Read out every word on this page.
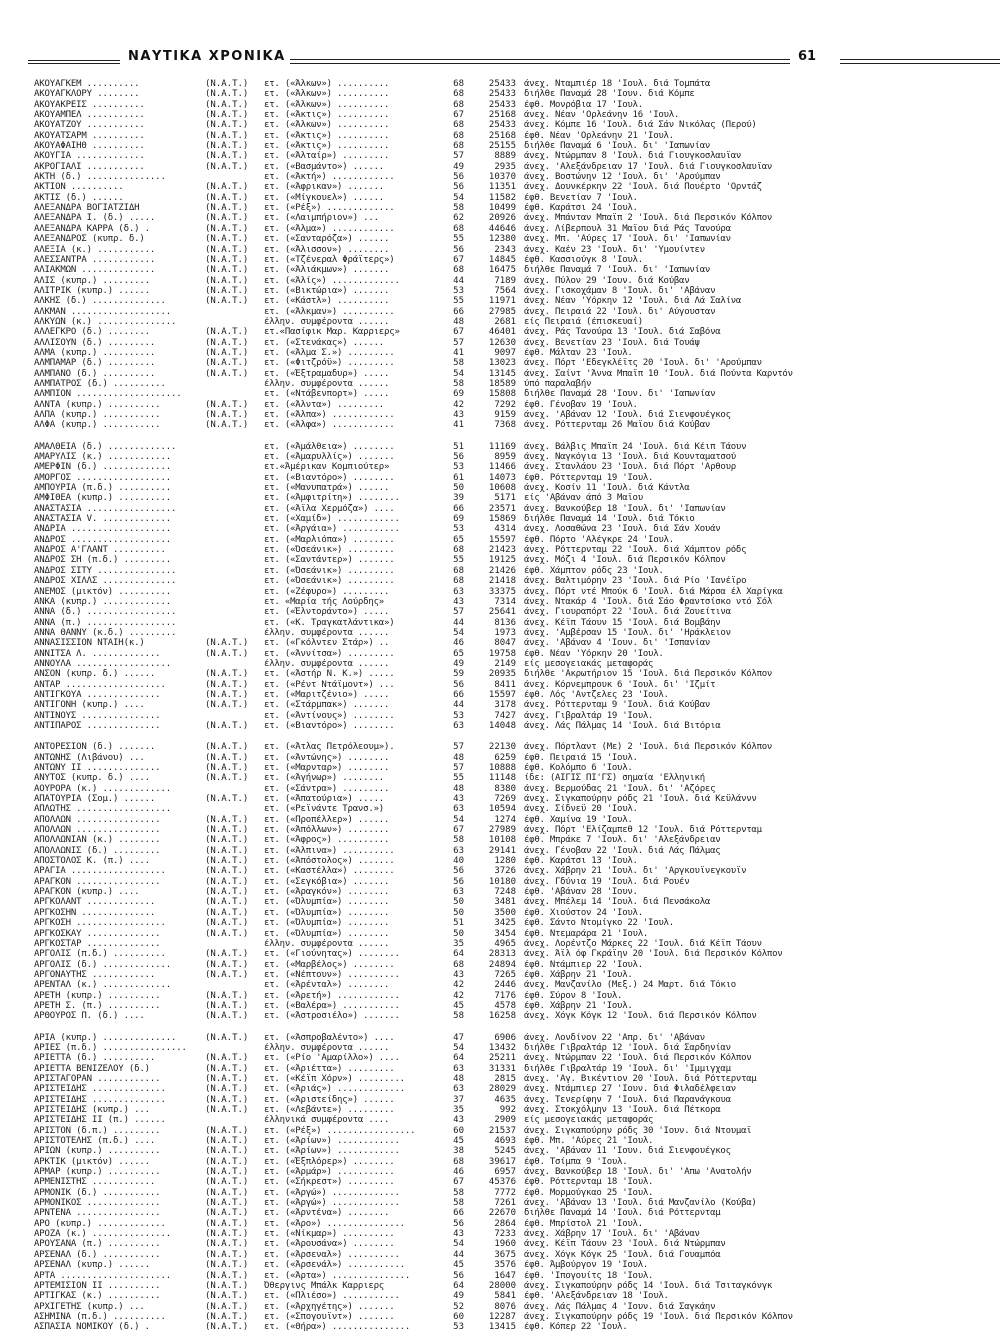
ΝΑΥΤΙΚΑ ΧΡΟΝΙΚΑ	61
ΑΚΟΥΑΓΚΕΜ ..........	(N.A.T.)	ετ. («Άλκων») ..........	68	25433 άνεχ. Νταμπιέρ 18 'Ιουλ. διά Τομπάτα
ΑΚΟΥΑΓΚΛΟΡΥ ........	(N.A.T.)	ετ. («Άλκων») ..........	68	25433 διήλθε Παναμά 28 'Ιουν. διά Κόμπε
ΑΚΟΥΑΚΡΕΪΣ ..........	(N.A.T.)	ετ. («Άλκων») ..........	68	25433 έφθ. Μονρόβια 17 'Ιουλ.
ΑΚΟΥΑΜΠΕΛ ...........	(N.A.T.)	ετ. («Άκτις») ..........	67	25168 άνεχ. Νέαν 'Ορλεάνην 16 'Ιουλ.
ΑΚΟΥΑΤΖΟΥ ...........	(N.A.T.)	ετ. («Άλκων») ..........	68	25433 άνεχ. Κόμπε 16 'Ιουλ. διά Σάν Νικόλας (Περού)
ΑΚΟΥΑΤΣΑΡΜ ..........	(N.A.T.)	ετ. («Άκτις») ..........	68	25168 έφθ. Νέαν 'Ορλεάνην 21 'Ιουλ.
ΑΚΟΥΑΦΑΙΗΘ ..........	(N.A.T.)	ετ. («Άκτις») ..........	68	25155 διήλθε Παναμά 6 'Ιουλ. δι' 'Ιαπωνίαν
ΑΚΟΥΓΙΑ .............	(N.A.T.)	ετ. («Άλταίρ») .........	57	8889 άνεχ. Ντώρμπαν 8 'Ιουλ. διά Γιουγκοσλαυΐαν
ΑΚΡΟΓΙΑΛΙ ...........	(N.A.T.)	ετ. («Βασμάντο») ......	49	2935 άνεχ. 'Αλεξάνδρειαν 17 'Ιουλ. διά Γιουγκοσλαυΐαν
ΑΚΤΗ (δ.) ...............	ετ. («Άκτή») ............	56	10370 άνεχ. Βοστώνην 12 'Ιουλ. δι' 'Αρούμπαν
ΑΚΤΙΟΝ ..........	(N.A.T.)	ετ. («Άφρικαν») .......	56	11351 άνεχ. Δουνκέρκην 22 'Ιουλ. διά Πουέρτο 'Ορντάζ
ΑΚΤΙΣ (δ.) ......	(N.A.T.)	ετ. («Μίγκουελ») ......	54	11582 έφθ. Βενετίαν 7 'Ιουλ.
ΑΛΕΞΑΝΔΡΑ ΒΟΓΙΑΤΖΙΔΗ	(N.A.T.)	ετ. («Ρέξ») .............	58	10499 έφθ. Καράτσι 24 'Ιουλ.
ΑΛΕΞΑΝΔΡΑ Ι. (δ.) .....	(N.A.T.)	ετ. («Λαιμπήριον») ...	62	20926 άνεχ. Μπάνταν Μπαϊπ 2 'Ιουλ. διά Περσικόν Κόλπον
ΑΛΕΞΑΝΔΡΑ ΚΑΡΡΑ (δ.) .	(N.A.T.)	ετ. («Άλμα») ............	68	44646 άνεχ. Λίβερπουλ 31 Μαΐου διά Ράς Τανούρα
ΑΛΕΞΑΝΔΡΟΣ (κυπρ. δ.)	(N.A.T.)	ετ. («Σανταρόζα») ......	55	12380 άνεχ. Μπ. 'Αύρες 17 'Ιουλ. δι' 'Ιαπωνίαν
ΑΛΕΞΙΑ (κ.) ...........	(N.A.T.)	ετ. («Άλισσον») ........	56	2343 άνεχ. Καέν 23 'Ιουλ. δι' 'Υμουίντεν
ΑΛΕΣΣΑΝΤΡΑ ............	(N.A.T.)	ετ. («Τζένεραλ Φράϊτερς»)	67	14845 έφθ. Κασσιούγκ 8 'Ιουλ.
ΑΛΙΑΚΜΩΝ ..............	(N.A.T.)	ετ. («Άλιάκμων») .......	68	16475 διήλθε Παναμά 7 'Ιουλ. δι' 'Ιαπωνίαν
ΑΛΙΣ (κυπρ.) .........	(N.A.T.)	ετ. («Άλίς») .............	44	7189 άνεχ. Πύλον 29 'Ιουν. διά Κούβαν
ΑΛΙΤΡΙΚ (κυπρ.) ......	(N.A.T.)	ετ. («Βικτώρια») .......	53	7564 άνεχ. Γισκοχάμαν 8 'Ιουλ. δι' 'Αβάναν
ΑΛΚΗΣ (δ.) ..............	(N.A.T.)	ετ. («Κάστλ») ..........	55	11971 άνεχ. Νέαν 'Υόρκην 12 'Ιουλ. διά Λά Σαλίνα
ΑΛΚΜΑΝ ...................	ετ. («Άλκμαν») ..........	66	27985 άνεχ. Πειραιά 22 'Ιουλ. δι' Αύγουσταν
ΑΛΚΥΩΝ (κ.) ...............	έλλην. συμφέροντα ......	48	2681 είς Πειραιά (έπισκευαί)
ΑΛΛΕΓΚΡΟ (δ.) ........	(N.A.T.)	ετ.«Πασίφικ Μαρ. Καρριερς»	67	46401 άνεχ. Ράς Τανούρα 13 'Ιουλ. διά Σαβόνα
ΑΛΛΙΣΟΥΝ (δ.) .........	(N.A.T.)	ετ. («Στενάκας») ......	57	12630 άνεχ. Βενετίαν 23 'Ιουλ. διά Τουάψ
ΑΛΜΑ (κυπρ.) ..........	(N.A.T.)	ετ. («Άλμα Σ.») .........	41	9097 έφθ. Μάλταν 23 'Ιουλ.
ΑΛΜΠΑΜΑΡ (δ.) .........	(N.A.T.)	ετ. («Φιτζρόϋ») .........	58	13023 άνεχ. Πόρτ 'Εδεγκλέϊτς 20 'Ιουλ. δι' 'Αρούμπαν
ΑΛΜΠΑΝΟ (δ.) ..........	(N.A.T.)	ετ. («Έξτραμαδυρ») .....	54	13145 άνεχ. Σαίντ 'Άννα Μπαϊπ 10 'Ιουλ. διά Πούντα Καρντόν
ΑΛΜΠΑΤΡΟΣ (δ.) ..........	έλλην. συμφέροντα ......	58	18589 ύπό παραλαβήν
ΑΛΜΠΙΟΝ ....................	ετ. («Ντάβενπορτ») .....	69	15808 διήλθε Παναμά 28 'Ιουν. δι' 'Ιαπωνίαν
ΑΛΝΤΑ (κυπρ.) ..........	(N.A.T.)	ετ. («Άλντα») .........	42	7292 έφθ. Γένοβαν 19 'Ιουλ.
ΑΛΠΑ (κυπρ.) ...........	(N.A.T.)	ετ. («Άλπα») ............	43	9159 άνεχ. 'Αβάναν 12 'Ιουλ. διά Σιενφουέγκος
ΑΛΦΑ (κυπρ.) ...........	(N.A.T.)	ετ. («Άλφα») ............	41	7368 άνεχ. Ρόττερνταμ 26 Μαΐου διά Κούβαν
ΑΜΑΛΘΕΙΑ (δ.) .............	ετ. («Άμάλθεια») ........	51	11169 άνεχ. Βάλβις Μπαϊπ 24 'Ιουλ. διά Κέιπ Τάουν
ΑΜΑΡΥΛΙΣ (κ.) ............	ετ. («Άμαρυλλίς») .......	56	8959 άνεχ. Ναγκόγια 13 'Ιουλ. διά Κουνταματσού
ΑΜΕΡΦΙΝ (δ.) .............	ετ.«Άμέρικαν Κομπιούτερ»	53	11466 άνεχ. Στανλάου 23 'Ιουλ. διά Πόρτ 'Αρθουρ
ΑΜΟΡΓΟΣ ..................	ετ. («Βιαντόρο») ........	61	14073 έφθ. Ρόττερνταμ 19 'Ιουλ.
ΑΜΠΟΥΡΙΑ (π.δ.) ..........	ετ. («Μανυπατρά») ......	50	10608 άνεχ. Κοσίν 11 'Ιουλ. διά Κάντλα
ΑΜΦΙΘΕΑ (κυπρ.) ..........	ετ. («Άμφιτρίτη») ........	39	5171 είς 'Αβάναν άπό 3 Μαΐου
ΑΝΑΣΤΑΣΙΑ .................	ετ. («Άϊλα Χερμόζα») ....	66	23571 άνεχ. Βανκούβερ 18 'Ιουλ. δι' 'Ιαπωνίαν
ΑΝΑΣΤΑΣΙΑ V. .............	ετ. («Χαμίδ») ............	69	15869 διήλθε Παναμά 14 'Ιουλ. διά Τόκιο
ΑΝΔΡΙΑ ...................	ετ. («Άργάια») ...........	53	4314 άνεχ. Λοσαθώνα 23 'Ιουλ. διά Σάν Χουάν
ΑΝΔΡΟΣ ...................	ετ. («Μαρλιόπα») ........	65	15597 έφθ. Πόρτο 'Αλέγκρε 24 'Ιουλ.
ΑΝΔΡΟΣ Α'ΓΛΑΝΤ ..........	ετ. («Όσεάνικ») .........	68	21423 άνεχ. Ρόττερνταμ 22 'Ιουλ. διά Χάμπτον ρόδς
ΑΝΔΡΟΣ ΣΗ (π.δ.) .........	ετ. («Σαντάντερ») .......	55	19125 άνεχ. Μόζι 4 'Ιουλ. διά Περσικόν Κόλπον
ΑΝΔΡΟΣ ΣΙΤΥ ...............	ετ. («Όσεάνικ») .........	68	21426 έφθ. Χάμπτον ρόδς 23 'Ιουλ.
ΑΝΔΡΟΣ ΧΙΛΛΣ ..............	ετ. («Όσεάνικ») .........	68	21418 άνεχ. Βαλτιμόρην 23 'Ιουλ. διά Ρίο 'Ιανέϊρο
ΑΝΕΜΟΣ (μικτόν) ..........	ετ. («Ζέφυρο») .........	63	33375 άνεχ. Πόρτ ντέ Μπούκ 6 'Ιουλ. διά Μάρσα έλ Χαρίγκα
ΑΝΚΑ (κυπρ.) .............	ετ. «Μαρία τής Λούρδης»	43	7314 άνεχ. Ντακάρ 4 'Ιουλ. διά Σάο Φραντσίσκο ντό Σόλ
ΑΝΝΑ (δ.) .................	ετ. («Έλντοράντο») .....	57	25641 άνεχ. Γιουραπόρτ 22 'Ιουλ. διά Ζουείτινα
ΑΝΝΑ (π.) .................	ετ. («Κ. Τραγκατλάντικα»)	44	8136 άνεχ. Κέϊπ Τάουν 15 'Ιουλ. διά Βομβάην
ΑΝΝΑ ΘΑΝΝΥ (κ.δ.) .........	έλλην. συμφέροντα ......	54	1973 άνεχ. 'Αμβέρσαν 15 'Ιουλ. δι' 'Ηράκλειον
ΑΝΝΑΣΙΣΣΙΟΝ ΝΤΑΙΗ(κ.)	(N.A.T.)	ετ. («Γκόλντεν Στάρ») ..	46	8047 άνεχ. 'Αβάναν 4 'Ιουν. δι' 'Ισπανίαν
ΑΝΝΙΤΣΑ Λ. .............	(N.A.T.)	ετ. («Άννίτσα») .........	65	19758 έφθ. Νέαν 'Υόρκην 20 'Ιουλ.
ΑΝΝΟΥΛΑ ..................	έλλην. συμφέροντα ......	49	2149 είς μεσογειακάς μεταφοράς
ΑΝΣΟΝ (κυπρ. δ.) ......	(N.A.T.)	ετ. («Άστήρ Ν. Κ.») .....	59	20935 διήλθε 'Ακρωτήριον 15 'Ιουλ. διά Περσικόν Κόλπον
ΑΝΤΑΡ ...................	(N.A.T.)	ετ. («Ρέντ Ντάϊμοντ») ...	56	8411 άνεχ. Κόρνεμπρουκ 6 'Ιουλ. δι' 'Ιζμίτ
ΑΝΤΙΓΚΟΥΑ ..............	(N.A.T.)	ετ. («Μαριτζένιο») .....	66	15597 έφθ. Λός 'Αντζελες 23 'Ιουλ.
ΑΝΤΙΓΟΝΗ (κυπρ.) ....	(N.A.T.)	ετ. («Στάρμπακ») .......	44	3178 άνεχ. Ρόττερνταμ 9 'Ιουλ. διά Κούβαν
ΑΝΤΙΝΟΥΣ ...............	ετ. («Άντίνους») ........	53	7427 άνεχ. Γιβραλτάρ 19 'Ιουλ.
ΑΝΤΙΠΑΡΟΣ ..............	(N.A.T.)	ετ. («Βιαντόρο») ........	63	14048 άνεχ. Λάς Πάλμας 14 'Ιουλ. διά Βιτόρια
ΑΝΤΟΡΕΣΙΟΝ (δ.) .......	(N.A.T.)	ετ. («Άτλας Πετρόλεουμ»).	57	22130 άνεχ. Πόρτλαντ (Με) 2 'Ιουλ. διά Περσικόν Κόλπον
ΑΝΤΩΝΗΣ (Λιβάνου) ...	(N.A.T.)	ετ. («Άντώνης») ........	48	6259 έφθ. Πειραιά 15 'Ιουλ.
ΑΝΤΩΝΥ ΙΙ ..............	(N.A.T.)	ετ. («Μαρνταρ») ........	57	10888 έφθ. Κολόμπο 6 'Ιουλ.
ΑΝΥΤΟΣ (κυπρ. δ.) ....	(N.A.T.)	ετ. («Άγήνωρ») ........	55	11148 ίδε: (ΑΙΓΙΣ ΠΙ'ΓΣ) σημαία 'Ελληνική
ΑΟΥΡΟΡΑ (κ.) .............	ετ. («Σάντρα») .........	48	8380 άνεχ. Βερμούδας 21 'Ιουλ. δι' 'Αζόρες
ΑΠΑΤΟΥΡΙΑ (Σομ.) ......	(N.A.T.)	ετ. («Άπατούρια») .....	43	7269 άνεχ. Σιγκαπούρην ρόδς 21 'Ιουλ. διά Κεϋλάννν
ΑΠΛΩΤΗΣ ..................	ετ. («Ρεϊνάντε Τρανσ.»)	63	10594 άνεχ. Σίδνεϋ 20 'Ιουλ.
ΑΠΟΛΛΩΝ ................	(N.A.T.)	ετ. («Προπέλλερ») ......	54	1274 έφθ. Χαμίνα 19 'Ιουλ.
ΑΠΟΛΛΩΝ ................	(N.A.T.)	ετ. («Άπόλλων») ........	67	27989 άνεχ. Πόρτ 'Ελίζαμπεθ 12 'Ιουλ. διά Ρόττερνταμ
ΑΠΟΛΛΩΝΙΑΝ (κ.) ........	(N.A.T.)	ετ. («Άφρος») ..........	58	10108 έφθ. Μπράκε 7 'Ιουλ. δι' 'Αλεξάνδρειαν
ΑΠΟΛΛΩΝΙΣ (δ.) .........	(N.A.T.)	ετ. («Άλπινα») ..........	63	29141 άνεχ. Γένοβαν 22 'Ιουλ. διά Λάς Πάλμας
ΑΠΟΣΤΟΛΟΣ Κ. (π.) ....	(N.A.T.)	ετ. («Άπόστολος») .......	40	1280 έφθ. Καράτσι 13 'Ιουλ.
ΑΡΑΓΙΑ ..................	(N.A.T.)	ετ. («Καστέλλα») ........	56	3726 άνεχ. Χάβρην 21 'Ιουλ. δι' 'Αργκουϊνεγκουΐν
ΑΡΑΓΚΟΝ ................	(N.A.T.)	ετ. («Σεγκόβια») .......	56	10180 άνεχ. Γδύνια 19 'Ιουλ. διά Ρουέν
ΑΡΑΓΚΟΝ (κυπρ.) ....	(N.A.T.)	ετ. («Άραγκόν») ........	63	7248 έφθ. 'Αβάναν 28 'Ιουν.
ΑΡΓΚΟΛΑΝΤ .............	(N.A.T.)	ετ. («Όλυμπία») ........	50	3481 άνεχ. Μπέλεμ 14 'Ιουλ. διά Πενσάκολα
ΑΡΓΚΟΣΗΝ ..............	(N.A.T.)	ετ. («Όλυμπία») ........	50	3500 έφθ. Χιούστον 24 'Ιουλ.
ΑΡΓΚΟΣΗ .................	(N.A.T.)	ετ. («Όλυμπία») ........	51	3425 έφθ. Σάντο Ντομίγκο 22 'Ιουλ.
ΑΡΓΚΟΣΚΑΫ ..............	(N.A.T.)	ετ. («Όλυμπία») ........	50	3454 έφθ. Ντεμαράρα 21 'Ιουλ.
ΑΡΓΚΟΣΤΑΡ ..............	έλλην. συμφέροντα ......	35	4965 άνεχ. Λορέντζο Μάρκες 22 'Ιουλ. διά Κέϊπ Τάουν
ΑΡΓΟΛΙΣ (π.δ.) ..........	(N.A.T.)	ετ. («Γιούνητας») ........	64	28313 άνεχ. Άϊλ όφ Γκράϊην 20 'Ιουλ. διά Περσικόν Κόλπον
ΑΡΓΟΛΙΣ (δ.) .............	(N.A.T.)	ετ. («Μαρβέλος») ........	68	24894 έφθ. Ντάμπιερ 22 'Ιουλ.
ΑΡΓΟΝΑΥΤΗΣ ............	(N.A.T.)	ετ. («Νέπτουν») ..........	43	7265 έφθ. Χάβρην 21 'Ιουλ.
ΑΡΕΝΤΑΛ (κ.) .............	ετ. («Άρένταλ») ........	42	2446 άνεχ. Μανζανίλο (Μεξ.) 24 Μαρτ. διά Τόκιο
ΑΡΕΤΗ (κυπρ.) ..........	(N.A.T.)	ετ. («Άρετή») ............	42	7176 έφθ. Σύρον 8 'Ιουλ.
ΑΡΕΤΗ Σ. (π.) ..........	(N.A.T.)	ετ. («Βαλέρα») ...........	45	4578 έφθ. Χάβρην 21 'Ιουλ.
ΑΡΘΟΥΡΟΣ Π. (δ.) ....	(N.A.T.)	ετ. («Άστροσιέλο») .......	58	16258 άνεχ. Χόγκ Κόγκ 12 'Ιουλ. διά Περσικόν Κόλπον
ΑΡΙΑ (κυπρ.) ..............	(N.A.T.)	ετ. («Άσπροβαλέντο») ....	47	6906 άνεχ. Λονδίνον 22 'Απρ. δι' 'Αβάναν
ΑΡΙΕΣ (π.δ.) ................	έλλην. συμφέροντα ......	54	13432 διήλθε Γιβραλτάρ 12 'Ιουλ. διά Σαρδηνίαν
ΑΡΙΕΤΤΑ (δ.) ..........	(N.A.T.)	ετ. («Ρίο 'Αμαρίλλο») ....	64	25211 άνεχ. Ντώρμπαν 22 'Ιουλ. διά Περσικόν Κόλπον
ΑΡΙΕΤΤΑ ΒΕΝΙΖΕΛΟΥ (δ.)	(N.A.T.)	ετ. («Άριέττα») .........	63	31331 διήλθε Γιβραλτάρ 19 'Ιουλ. δι' 'Ιμμιγχαμ
ΑΡΙΣΤΑΓΟΡΑΝ ............	(N.A.T.)	ετ. («Κέϊπ Χόρν») .........	48	2815 άνεχ. 'Αγ. Βικέντιον 20 'Ιουλ. διά Ρόττερνταμ
ΑΡΙΣΤΕΙΔΗΣ ..............	(N.A.T.)	ετ. («Άριάς») .............	63	28029 άνεχ. Ντάμπιερ 27 'Ιουν. διά Φιλαδέλφειαν
ΑΡΙΣΤΕΙΔΗΣ ..............	(N.A.T.)	ετ. («Άριστείδης») ......	37	4635 άνεχ. Τενερίφην 7 'Ιουλ. διά Παρανάγκουα
ΑΡΙΣΤΕΙΔΗΣ (κυπρ.) ...	(N.A.T.)	ετ. («Λεβάντε») .........	35	992 άνεχ. Στοκχόλμην 13 'Ιουλ. διά Πέτκορα
ΑΡΙΣΤΕΙΔΗΣ ΙΙ (π.) ......	έλληνικά συμφέροντα ....	43	2909 είς μεσογειακάς μεταφοράς
ΑΡΙΣΤΟΝ (δ.π.) .........	(N.A.T.)	ετ. («Ρέξ») .................	60	21537 άνεχ. Σιγκαπούρην ρόδς 30 'Ιουν. διά Ντουμαΐ
ΑΡΙΣΤΟΤΕΛΗΣ (π.δ.) ....	(N.A.T.)	ετ. («Άρίων») ............	45	4693 έφθ. Μπ. 'Αύρες 21 'Ιουλ.
ΑΡΙΩΝ (κυπρ.) ..........	(N.A.T.)	ετ. («Άρίων») ............	38	5245 άνεχ. 'Αβάναν 11 'Ιουν. διά Σιενφουέγκος
ΑΡΚΤΙΚ (μικτόν) ......	(N.A.T.)	ετ. («Έξπλόρερ») ........	68	39617 έφθ. Τσίμπα 9 'Ιουλ.
ΑΡΜΑΡ (κυπρ.) ..........	(N.A.T.)	ετ. («Άρμάρ») ...........	46	6957 άνεχ. Βανκούβερ 18 'Ιουλ. δι' 'Απω 'Ανατολήν
ΑΡΜΕΝΙΣΤΗΣ ............	(N.A.T.)	ετ. («Σήκρεστ») .........	67	45376 έφθ. Ρόττερνταμ 18 'Ιουλ.
ΑΡΜΟΝΙΚ (δ.) ...........	(N.A.T.)	ετ. («Άργώ») .............	58	7772 έφθ. Μορμούγκαο 25 'Ιουλ.
ΑΡΜΟΝΙΚΟΣ ..............	(N.A.T.)	ετ. («Άργώ») .............	58	7261 άνεχ. 'Αβάναν 13 'Ιουλ. διά Μανζανίλο (Κούβα)
ΑΡΝΤΕΝΑ ................	(N.A.T.)	ετ. («Άρντένα») ........	66	22670 διήλθε Παναμά 14 'Ιουλ. διά Ρόττερνταμ
ΑΡΟ (κυπρ.) .............	(N.A.T.)	ετ. («Άρο») ...............	56	2864 έφθ. Μπρίστολ 21 'Ιουλ.
ΑΡΟΖΑ (κ.) ...............	(N.A.T.)	ετ. («Νίκμαρ») ..........	43	7233 άνεχ. Χάβρην 17 'Ιουλ. δι' 'Αβάναν
ΑΡΟΥΣΑΝΑ (π.) ..........	(N.A.T.)	ετ. («Άρουσάνα») ........	54	1960 άνεχ. Κέϊπ Τάουν 23 'Ιουλ. διά Ντώρμπαν
ΑΡΣΕΝΑΛ (δ.) ...........	(N.A.T.)	ετ. («Άρσεναλ») ..........	44	3675 άνεχ. Χόγκ Κόγκ 25 'Ιουλ. διά Γουαμπόα
ΑΡΣΕΝΑΛ (κυπρ.) ......	(N.A.T.)	ετ. («Άρσενάλ») ...........	45	3576 έφθ. Άμβούργον 19 'Ιουλ.
ΑΡΤΑ .....................	(N.A.T.)	ετ. («Άρτα») ...............	56	1647 έφθ. 'Ιπογουίτς 18 'Ιουλ.
ΑΡΤΕΜΙΣΙΟΝ ΙΙ ..........	(N.A.T.)	Όθεργινς Μπάλκ Καρριερς	64	28000 άνεχ. Σιγκαπούρην ρόδς 14 'Ιουλ. διά Τσιταγκόνγκ
ΑΡΤΙΓΚΑΣ (κ.) ..........	(N.A.T.)	ετ. («Πλιέσο») ...........	49	5841 έφθ. 'Αλεξάνδρειαν 18 'Ιουλ.
ΑΡΧΙΓΕΤΗΣ (κυπρ.) ...	(N.A.T.)	ετ. («Άρχηγέτης») .......	52	8076 άνεχ. Λάς Πάλμας 4 'Ιουν. διά Σαγκάην
ΑΣΗΜΙΝΑ (π.δ.) ..........	(N.A.T.)	ετ. («Σπογουϊντ») .......	60	12287 άνεχ. Σιγκαπούρην ρόδς 19 'Ιουλ. διά Περσικόν Κόλπον
ΑΣΠΑΣΙΑ ΝΟΜΙΚΟΥ (δ.) .	(N.A.T.)	ετ. («Θήρα») ...............	53	13415 έφθ. Κόπερ 22 'Ιουλ.
